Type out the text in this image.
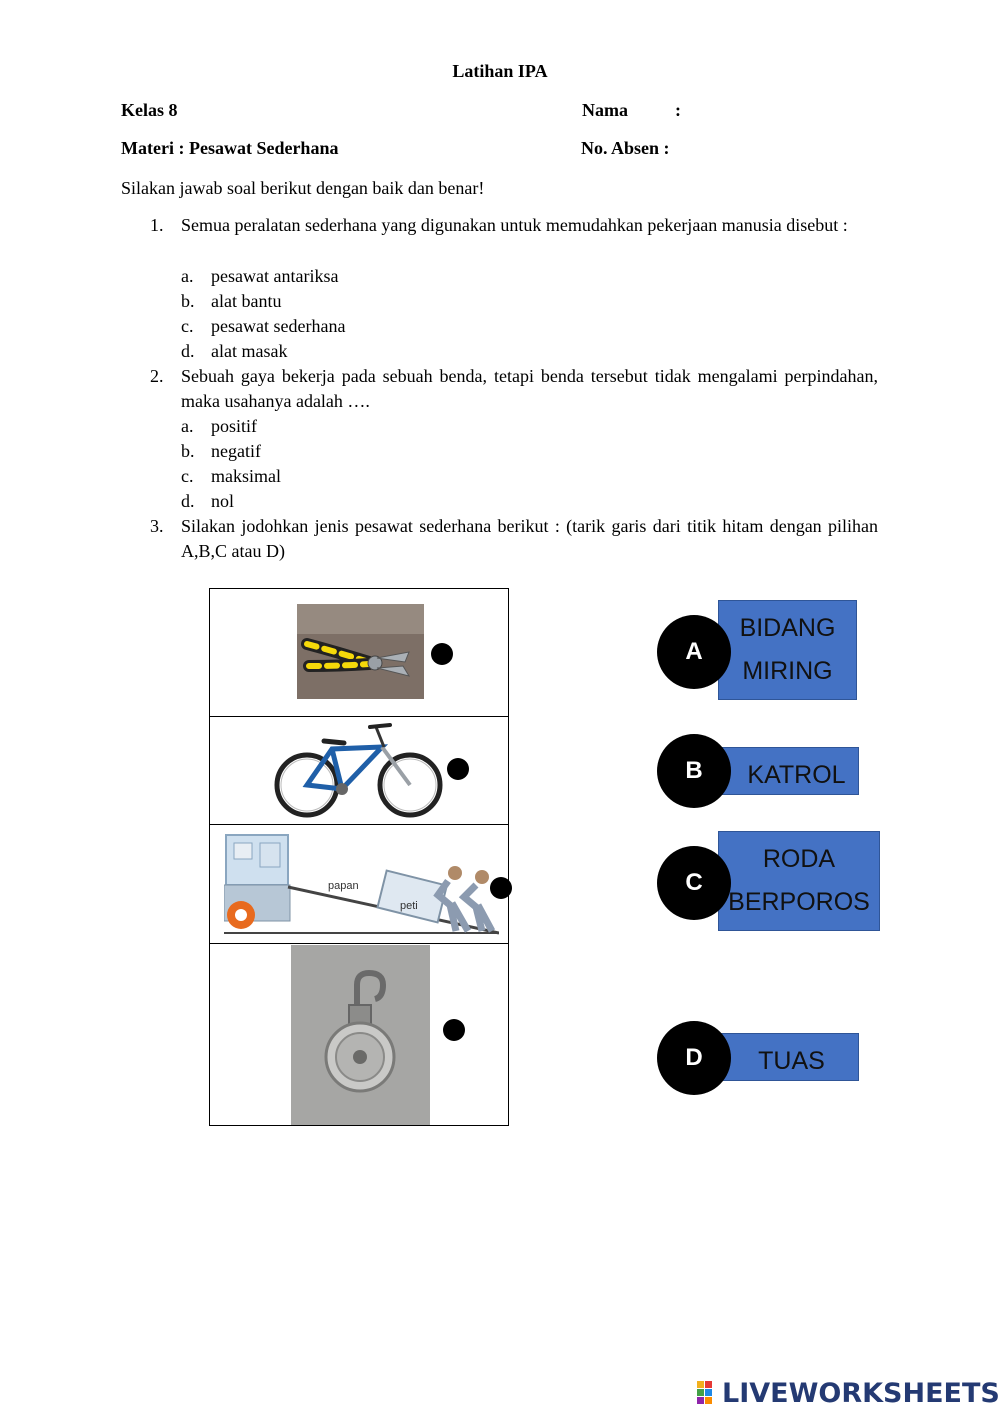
Latihan IPA
Kelas 8	Nama	:
Materi : Pesawat Sederhana	No. Absen :
Silakan jawab soal berikut dengan baik dan benar!
1. Semua peralatan sederhana yang digunakan untuk memudahkan pekerjaan manusia disebut :
a. pesawat antariksa
b. alat bantu
c. pesawat sederhana
d. alat masak
2. Sebuah gaya bekerja pada sebuah benda, tetapi benda tersebut tidak mengalami perpindahan, maka usahanya adalah ….
a. positif
b. negatif
c. maksimal
d. nol
3. Silakan jodohkan jenis pesawat sederhana berikut : (tarik garis dari titik hitam dengan pilihan A,B,C atau D)
papan
peti
BIDANG
MIRING
A
KATROL
B
RODA
BERPOROS
C
TUAS
D
LIVEWORKSHEETS
